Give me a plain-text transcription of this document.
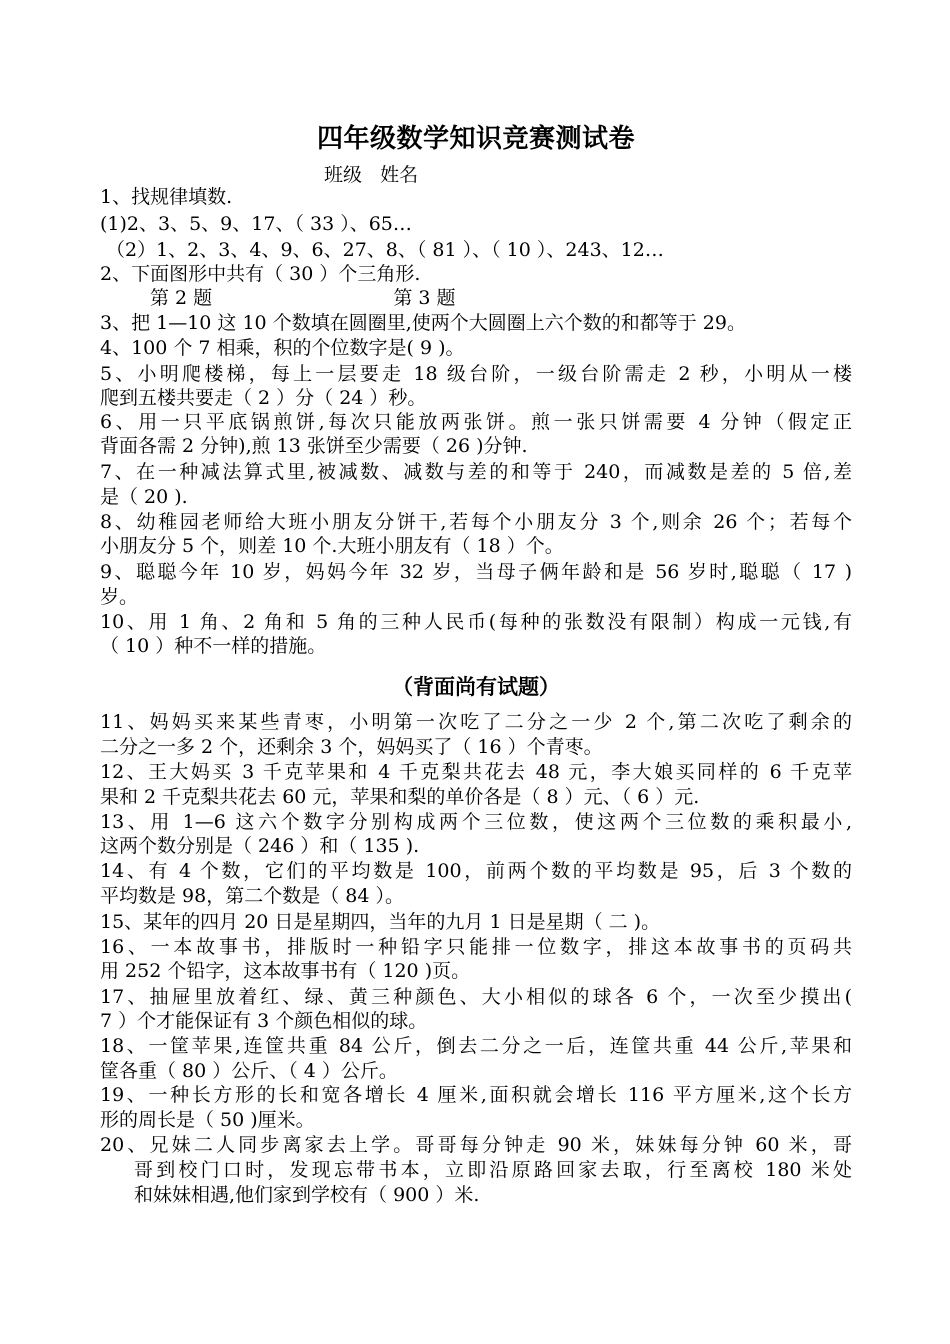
四年级数学知识竞赛测试卷
班级   姓名
1、找规律填数.
(1)2、3、5、9、17、（ 33 ）、65…
（2）1、2、3、4、9、6、27、8、（ 81 ）、（ 10 ）、243、12…
2、下面图形中共有（ 30 ）个三角形.
第 2 题                              第 3 题
3、把 1—10 这 10 个数填在圆圈里,使两个大圆圈上六个数的和都等于 29。
4、100 个 7 相乘，积的个位数字是( 9 )。
5、小明爬楼梯，每上一层要走 18 级台阶，一级台阶需走 2 秒，小明从一楼
爬到五楼共要走（ 2 ）分（ 24 ）秒。
6、用一只平底锅煎饼,每次只能放两张饼。煎一张只饼需要 4 分钟（假定正
背面各需 2 分钟),煎 13 张饼至少需要（ 26 )分钟.
7、在一种减法算式里,被减数、减数与差的和等于 240，而减数是差的 5 倍,差
是（ 20 ).
8、幼稚园老师给大班小朋友分饼干,若每个小朋友分 3 个,则余 26 个；若每个
小朋友分 5 个，则差 10 个.大班小朋友有（ 18 ）个。
9、聪聪今年 10 岁，妈妈今年 32 岁，当母子俩年龄和是 56 岁时,聪聪（ 17 )
岁。
10、用 1 角、2 角和 5 角的三种人民币(每种的张数没有限制）构成一元钱,有
（ 10 ）种不一样的措施。
（背面尚有试题）
11、妈妈买来某些青枣，小明第一次吃了二分之一少 2 个,第二次吃了剩余的
二分之一多 2 个，还剩余 3 个，妈妈买了（ 16 ）个青枣。
12、王大妈买 3 千克苹果和 4 千克梨共花去 48 元，李大娘买同样的 6 千克苹
果和 2 千克梨共花去 60 元，苹果和梨的单价各是（ 8 ）元、（ 6 ）元.
13、用 1—6 这六个数字分别构成两个三位数，使这两个三位数的乘积最小,
这两个数分别是（ 246 ）和（ 135 ).
14、有 4 个数，它们的平均数是 100，前两个数的平均数是 95，后 3 个数的
平均数是 98，第二个数是（ 84 ）。
15、某年的四月 20 日是星期四，当年的九月 1 日是星期（ 二 )。
16、一本故事书，排版时一种铅字只能排一位数字，排这本故事书的页码共
用 252 个铅字，这本故事书有（ 120 )页。
17、抽屉里放着红、绿、黄三种颜色、大小相似的球各 6 个，一次至少摸出(
7 ）个才能保证有 3 个颜色相似的球。
18、一筐苹果,连筐共重 84 公斤，倒去二分之一后，连筐共重 44 公斤,苹果和
筐各重（ 80 ）公斤、（ 4 ）公斤。
19、一种长方形的长和宽各增长 4 厘米,面积就会增长 116 平方厘米,这个长方
形的周长是（ 50 )厘米。
20、兄妹二人同步离家去上学。哥哥每分钟走 90 米，妹妹每分钟 60 米，哥
哥到校门口时，发现忘带书本，立即沿原路回家去取，行至离校 180 米处
和妹妹相遇,他们家到学校有（ 900 ）米.
